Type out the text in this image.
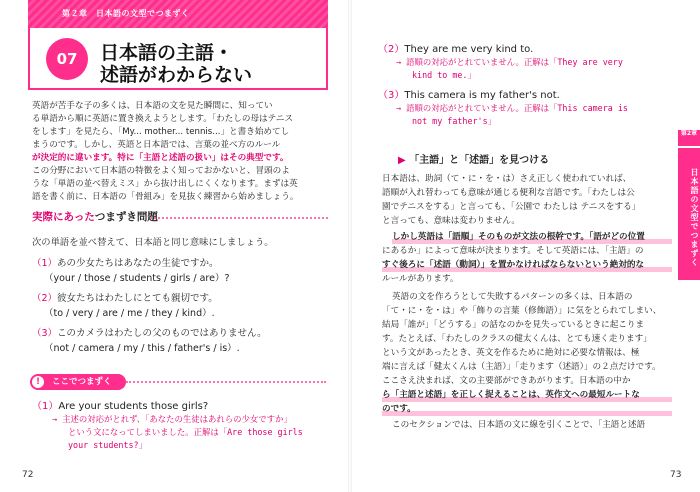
第２章　日本語の文型でつまずく
07	日本語の主語・
述語がわからない
英語が苦手な子の多くは、日本語の文を見た瞬間に、知ってい
る単語から順に英語に置き換えようとします。「わたしの母はテニス
をします」を見たら、「My... mother... tennis...」と書き始めてし
まうのです。しかし、英語と日本語では、言葉の並べ方のルール
が決定的に違います。特に「主語と述語の扱い」はその典型です。
この分野において日本語の特徴をよく知っておかないと、冒頭のよ
うな「単語の並べ替えミス」から抜け出しにくくなります。まずは英
語を書く前に、日本語の「骨組み」を見抜く練習から始めましょう。
実際にあったつまずき問題
次の単語を並べ替えて、日本語と同じ意味にしましょう。
（1）あの少女たちはあなたの生徒ですか。
（your / those / students / girls / are）?
（2）彼女たちはわたしにとても親切です。
（to / very / are / me / they / kind）.
（3）このカメラはわたしの父のものではありません。
（not / camera / my / this / father's / is）.
ここでつまずく
!
（1）Are your students those girls?
→ 主述の対応がとれず、「あなたの生徒はあれらの少女ですか」
という文になってしまいました。正解は「Are those girls
your students?」
72
（2）They are me very kind to.
→ 語順の対応がとれていません。正解は「They are very
kind to me.」
（3）This camera is my father's not.
→ 語順の対応がとれていません。正解は「This camera is
not my father's」
▶ 「主語」と「述語」を見つける
日本語は、助詞（て・に・を・は）さえ正しく使われていれば、
語順が入れ替わっても意味が通じる便利な言語です。「わたしは公
園でテニスをする」と言っても、「公園で わたしは テニスをする」
と言っても、意味は変わりません。
しかし英語は「語順」そのものが文法の根幹です。「語がどの位置
にあるか」によって意味が決まります。そして英語には、「主語」の
すぐ後ろに「述語（動詞）」を置かなければならないという絶対的な
ルールがあります。
英語の文を作ろうとして失敗するパターンの多くは、日本語の
「て・に・を・は」や「飾りの言葉（修飾語）」に気をとられてしまい、
結局「誰が」「どうする」の話なのかを見失っているときに起こりま
す。たとえば、「わたしのクラスの健太くんは、とても速く走ります」
という文があったとき、英文を作るために絶対に必要な情報は、極
端に言えば「健太くんは（主語）」「走ります（述語）」の２点だけです。
ここさえ決まれば、文の主要部ができあがります。日本語の中か
ら「主語と述語」を正しく捉えることは、英作文への最短ルートな
のです。
このセクションでは、日本語の文に線を引くことで、「主語と述語
第2章
日本語の文型でつまずく
73
